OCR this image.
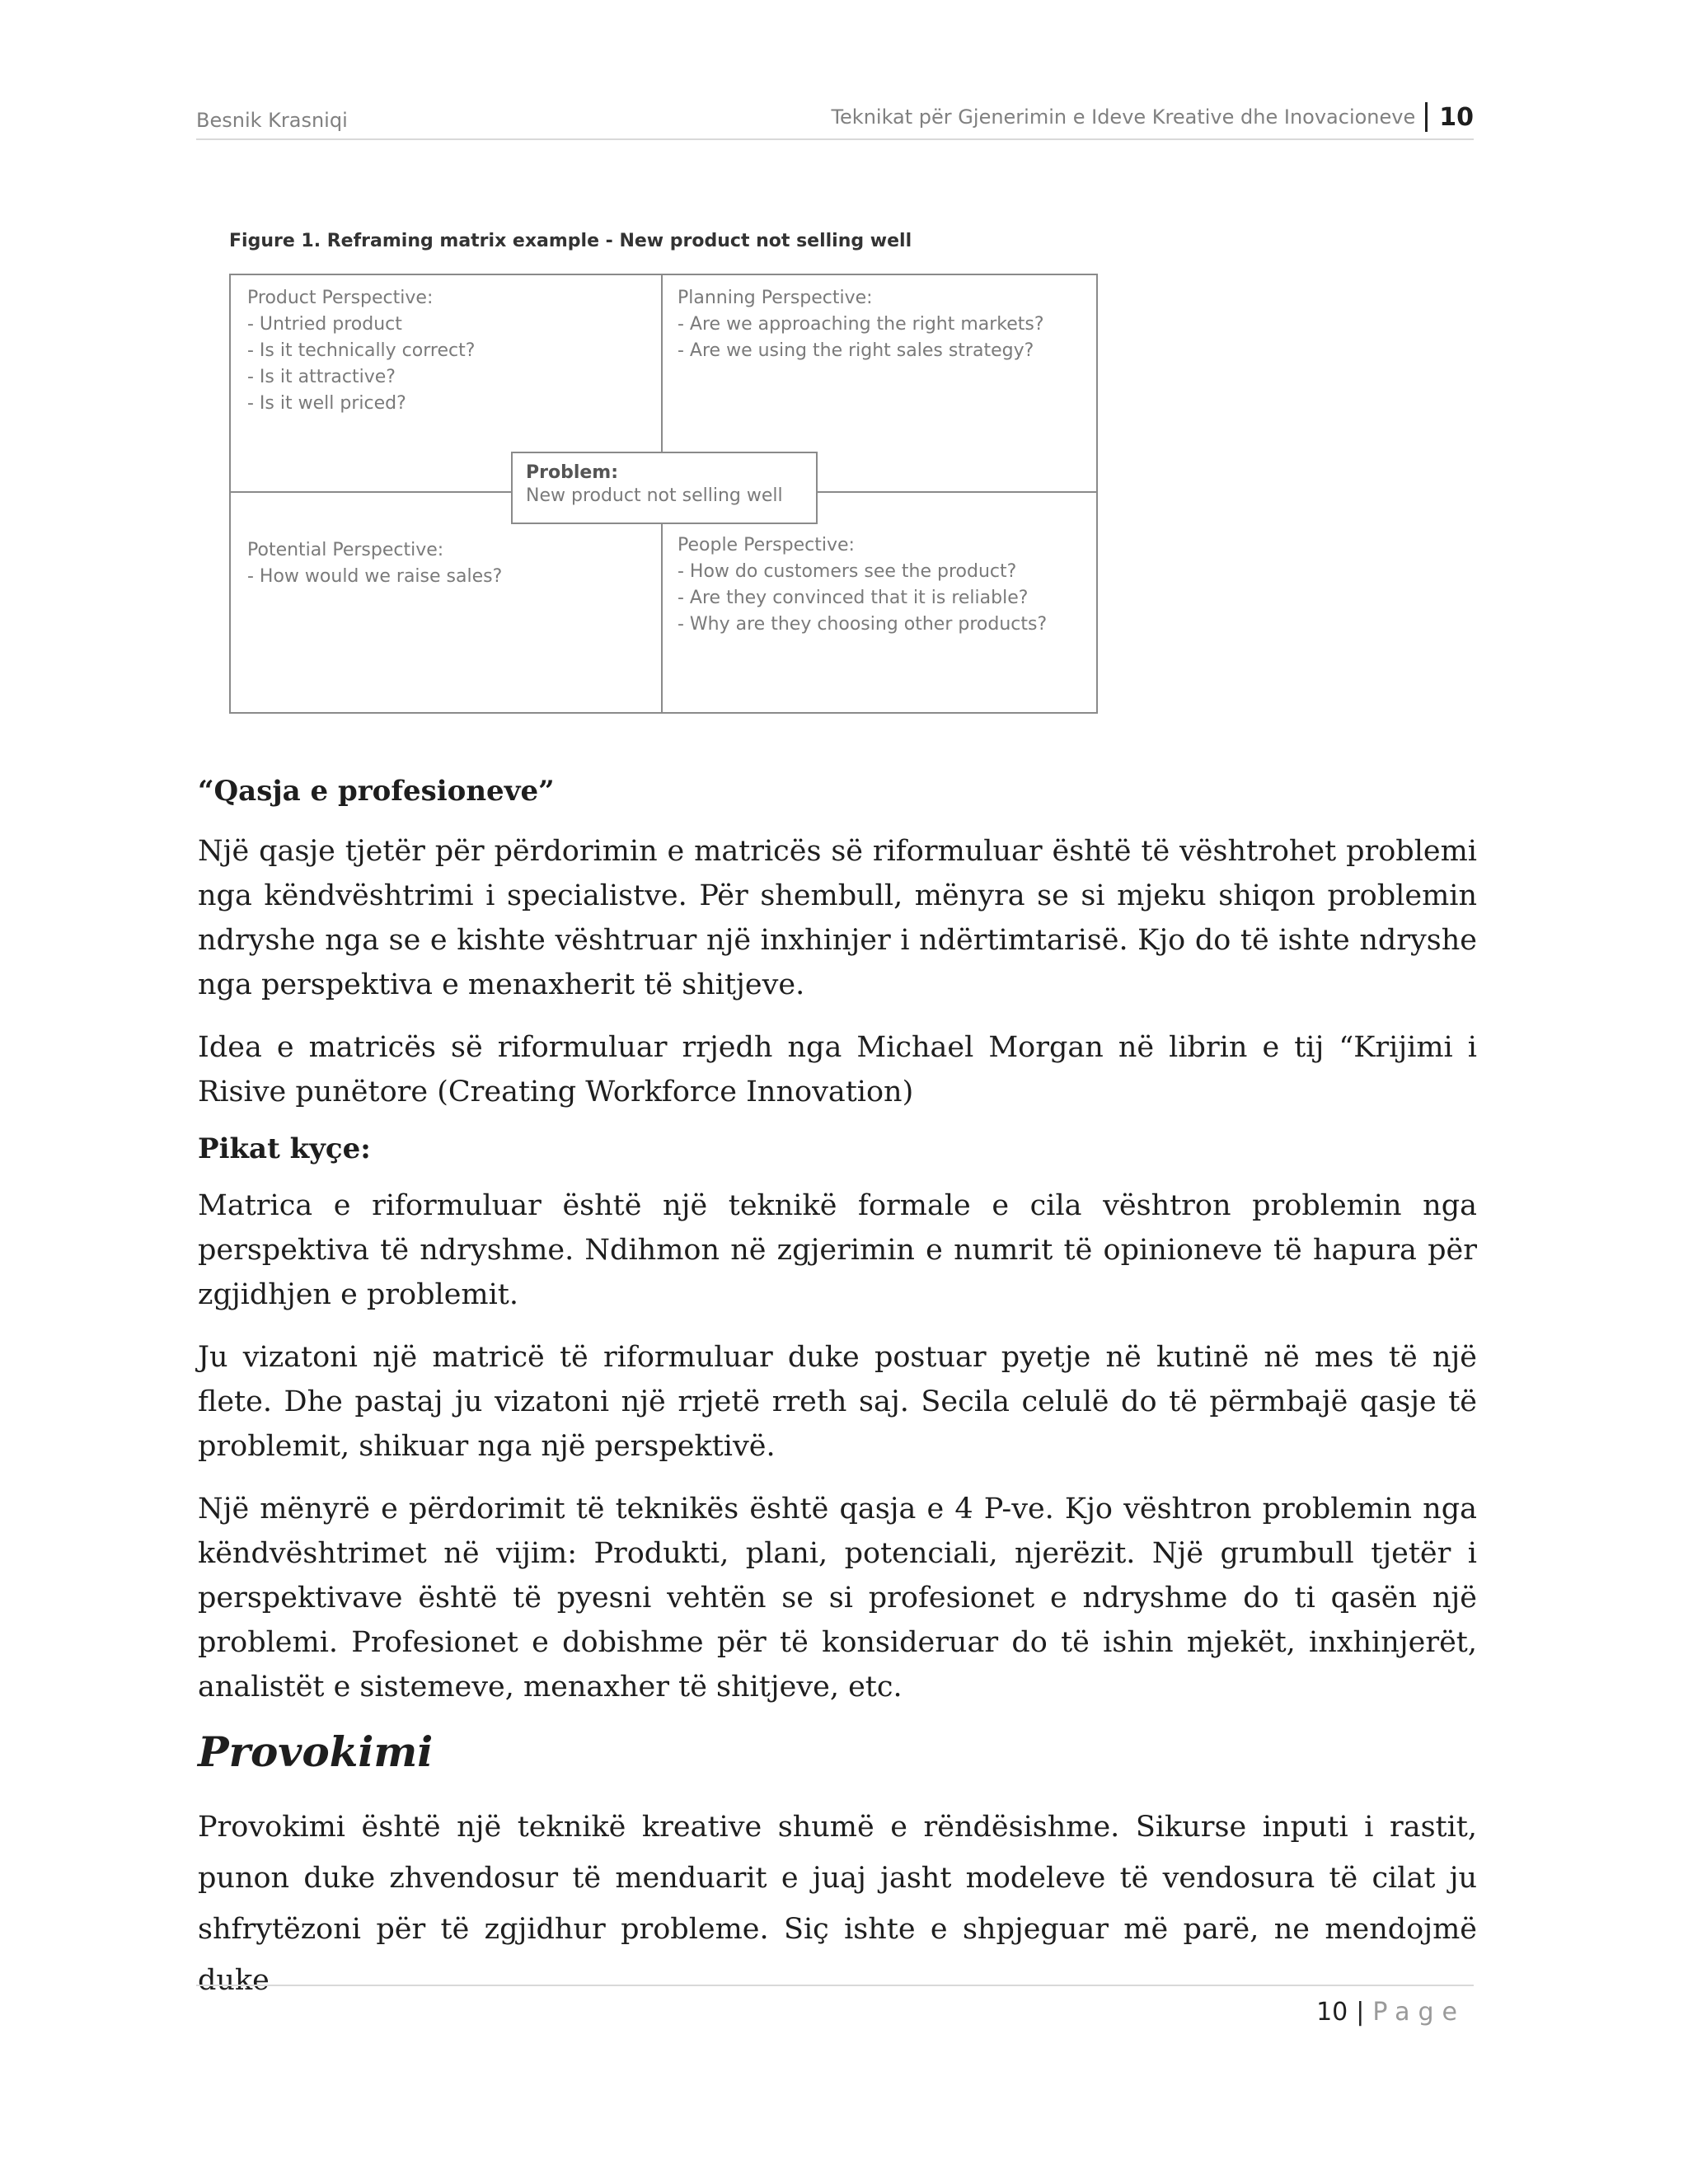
Besnik Krasniqi	Teknikat për Gjenerimin e Ideve Kreative dhe Inovacioneve 10
Figure 1. Reframing matrix example - New product not selling well
Product Perspective:
- Untried product
- Is it technically correct?
- Is it attractive?
- Is it well priced?
Planning Perspective:
- Are we approaching the right markets?
- Are we using the right sales strategy?
Potential Perspective:
- How would we raise sales?
People Perspective:
- How do customers see the product?
- Are they convinced that it is reliable?
- Why are they choosing other products?
Problem:
New product not selling well
“Qasja e profesioneve”

Një qasje tjetër për përdorimin e matricës së riformuluar është të vështrohet problemi nga këndvështrimi i specialistve. Për shembull, mënyra se si mjeku shiqon problemin ndryshe nga se e kishte vështruar një inxhinjer i ndërtimtarisë. Kjo do të ishte ndryshe nga perspektiva e menaxherit të shitjeve.

Idea e matricës së riformuluar rrjedh nga Michael Morgan në librin e tij “Krijimi i Risive punëtore (Creating Workforce Innovation)

Pikat kyçe:

Matrica e riformuluar është një teknikë formale e cila vështron problemin nga perspektiva të ndryshme. Ndihmon në zgjerimin e numrit të opinioneve të hapura për zgjidhjen e problemit.

Ju vizatoni një matricë të riformuluar duke postuar pyetje në kutinë në mes të një flete. Dhe pastaj ju vizatoni një rrjetë rreth saj. Secila celulë do të përmbajë qasje të problemit, shikuar nga një perspektivë.

Një mënyrë e përdorimit të teknikës është qasja e 4 P-ve. Kjo vështron problemin nga këndvështrimet në vijim: Produkti, plani, potenciali, njerëzit. Një grumbull tjetër i perspektivave është të pyesni vehtën se si profesionet e ndryshme do ti qasën një problemi. Profesionet e dobishme për të konsideruar do të ishin mjekët, inxhinjerët, analistët e sistemeve, menaxher të shitjeve, etc.

Provokimi

Provokimi është një teknikë kreative shumë e rëndësishme. Sikurse inputi i rastit, punon duke zhvendosur të menduarit e juaj jasht modeleve të vendosura të cilat ju shfrytëzoni për të zgjidhur probleme. Siç ishte e shpjeguar më parë, ne mendojmë duke

10 | Page
